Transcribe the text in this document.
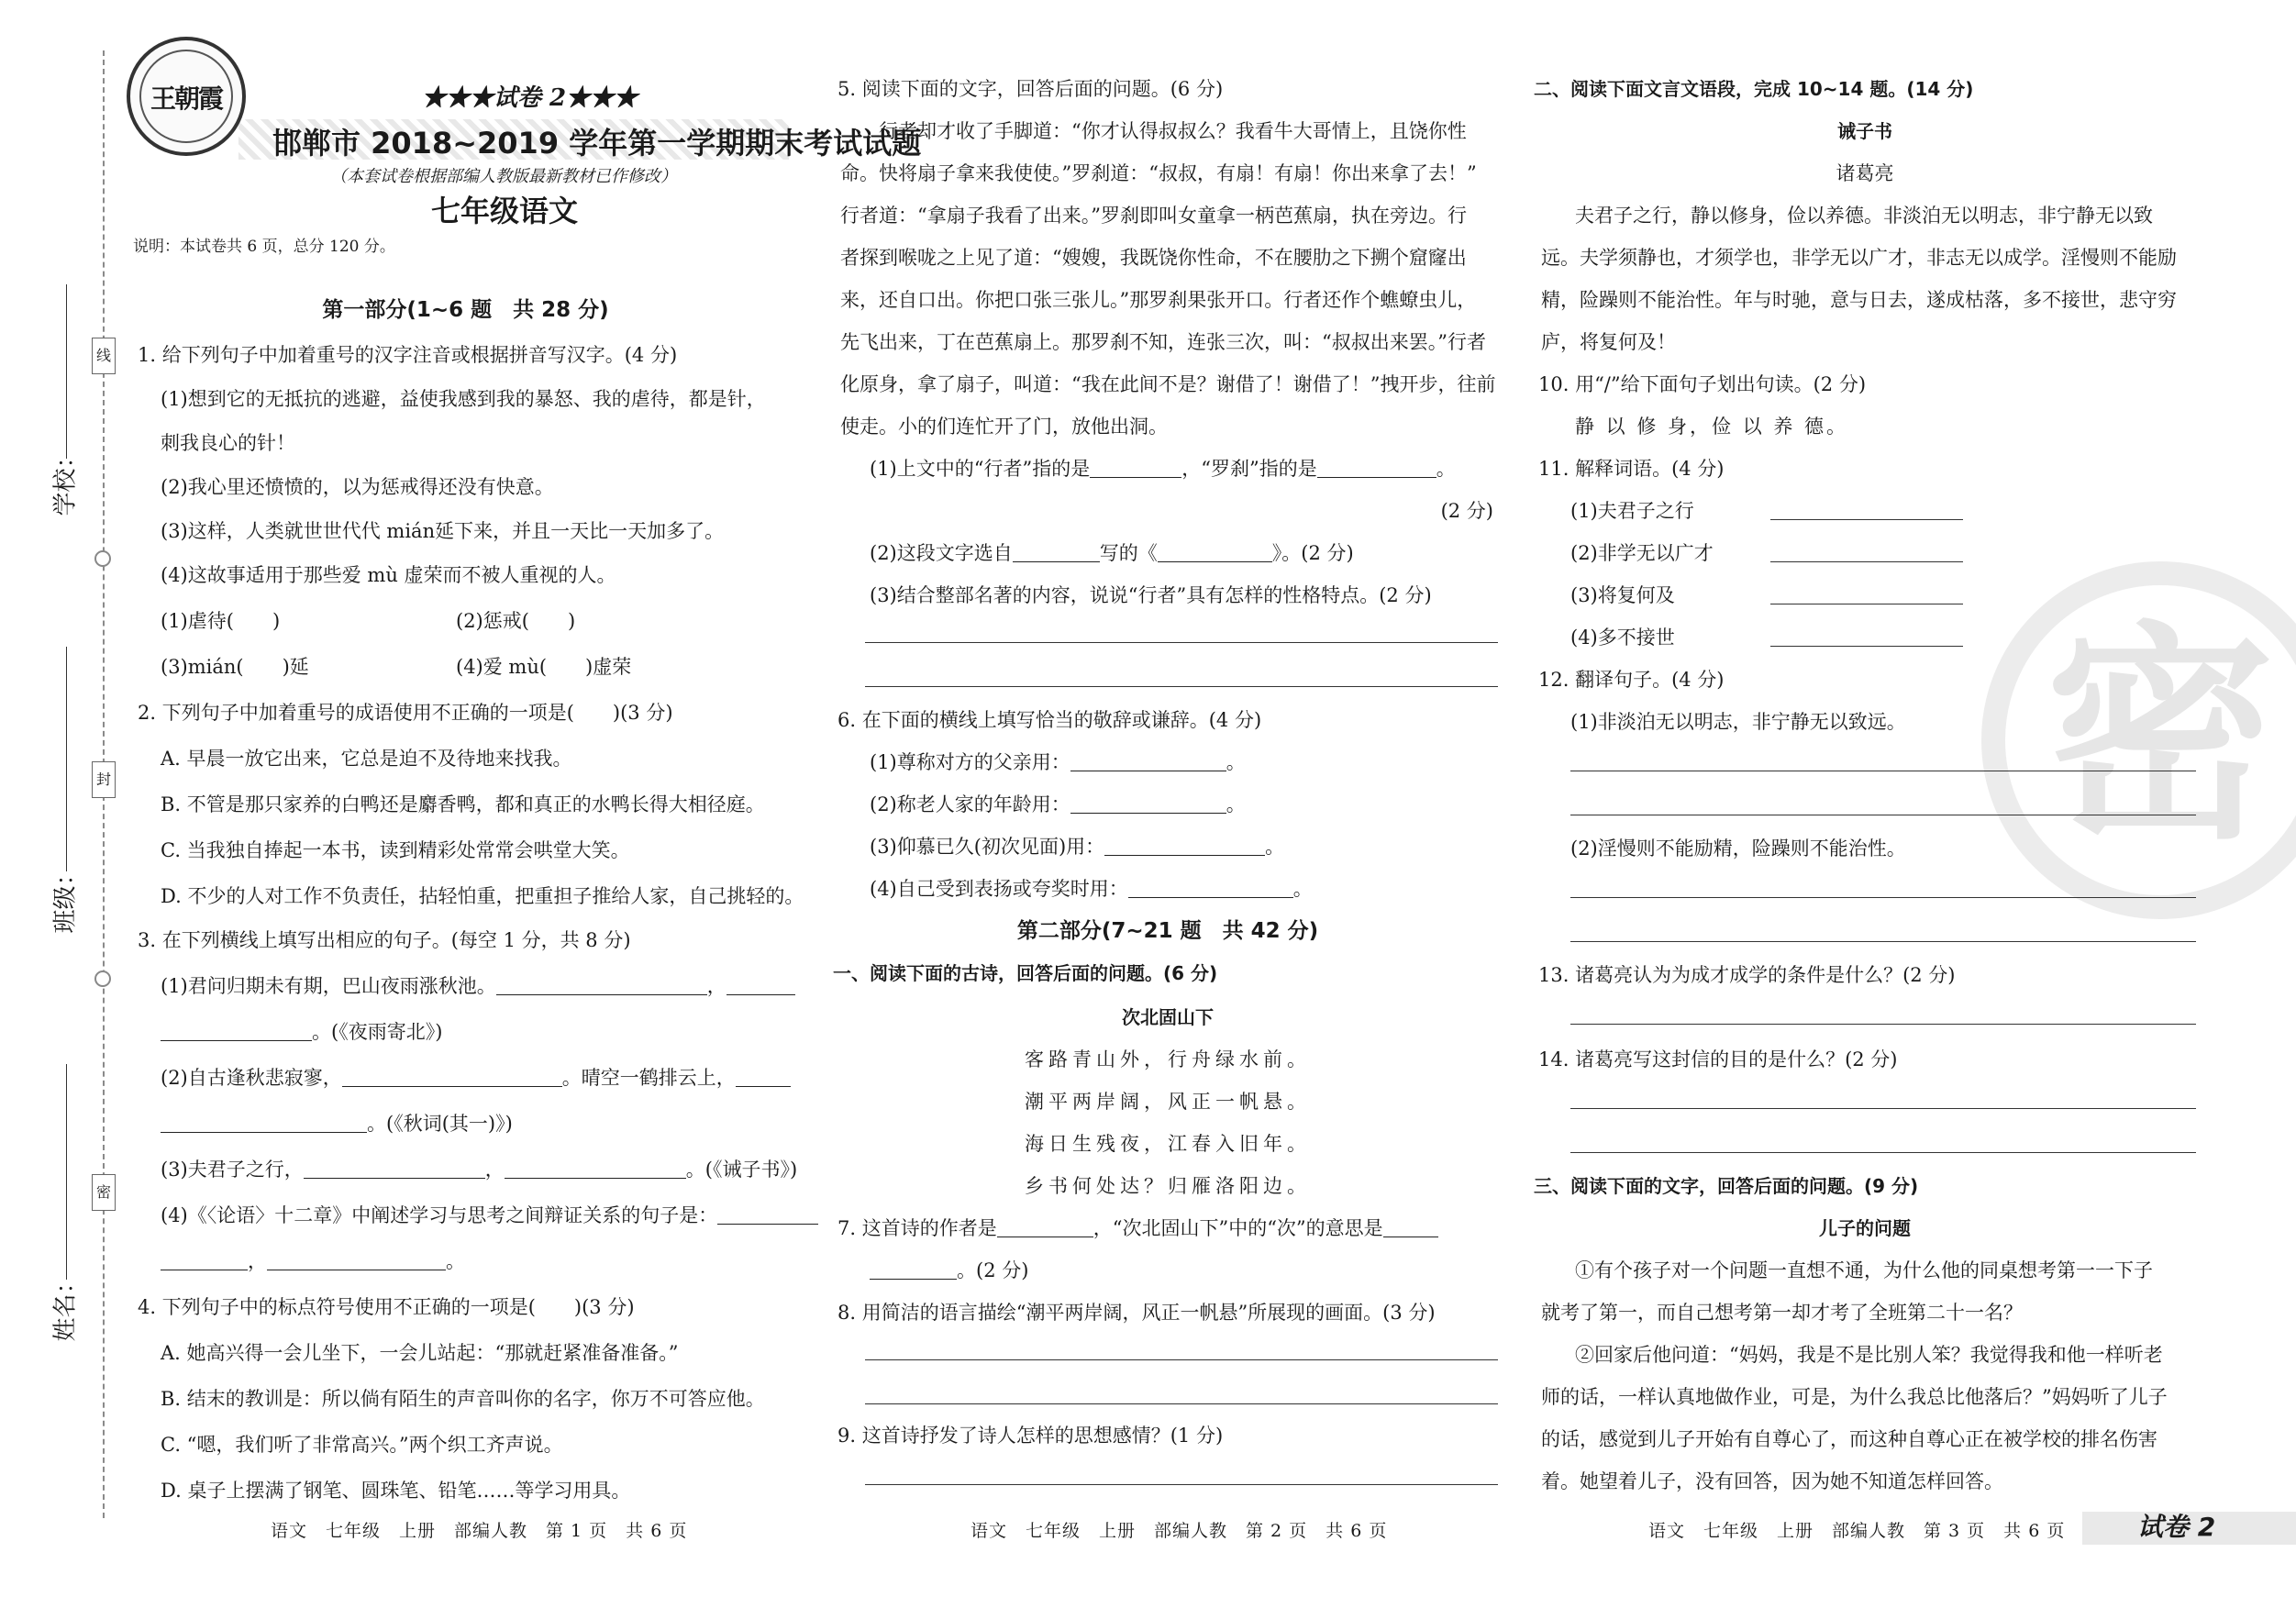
线
封
密
学校：
班级：
姓名：
密
王朝霞	★★★试卷 2★★★
邯郸市 2018~2019 学年第一学期期末考试试题
（本套试卷根据部编人教版最新教材已作修改）
七年级语文
说明：本试卷共 6 页，总分 120 分。
第一部分(1~6 题　共 28 分)
1. 给下列句子中加着重号的汉字注音或根据拼音写汉字。(4 分)
(1)想到它的无抵抗的逃避，益使我感到我的暴怒、我的虐待，都是针，
刺我良心的针！
(2)我心里还愤愤的，以为惩戒得还没有快意。
(3)这样，人类就世世代代 mián延下来，并且一天比一天加多了。
(4)这故事适用于那些爱 mù 虚荣而不被人重视的人。
(1)虐待(　　)	(2)惩戒(　　)
(3)mián(　　)延	(4)爱 mù(　　)虚荣
2. 下列句子中加着重号的成语使用不正确的一项是(　　)(3 分)
A. 早晨一放它出来，它总是迫不及待地来找我。
B. 不管是那只家养的白鸭还是麝香鸭，都和真正的水鸭长得大相径庭。
C. 当我独自捧起一本书，读到精彩处常常会哄堂大笑。
D. 不少的人对工作不负责任，拈轻怕重，把重担子推给人家，自己挑轻的。
3. 在下列横线上填写出相应的句子。(每空 1 分，共 8 分)
(1)君问归期未有期，巴山夜雨涨秋池。	，
。(《夜雨寄北》)
(2)自古逢秋悲寂寥，	。晴空一鹤排云上，
。(《秋词(其一)》)
(3)夫君子之行，	，	。(《诫子书》)
(4)《〈论语〉十二章》中阐述学习与思考之间辩证关系的句子是：
，	。
4. 下列句子中的标点符号使用不正确的一项是(　　)(3 分)
A. 她高兴得一会儿坐下，一会儿站起：“那就赶紧准备准备。”
B. 结末的教训是：所以倘有陌生的声音叫你的名字，你万不可答应他。
C. “嗯，我们听了非常高兴。”两个织工齐声说。
D. 桌子上摆满了钢笔、圆珠笔、铅笔……等学习用具。
语文　七年级　上册　部编人教　第 1 页　共 6 页
5. 阅读下面的文字，回答后面的问题。(6 分)
行者却才收了手脚道：“你才认得叔叔么？我看牛大哥情上，且饶你性
命。快将扇子拿来我使使。”罗刹道：“叔叔，有扇！有扇！你出来拿了去！”
行者道：“拿扇子我看了出来。”罗刹即叫女童拿一柄芭蕉扇，执在旁边。行
者探到喉咙之上见了道：“嫂嫂，我既饶你性命，不在腰肋之下搠个窟窿出
来，还自口出。你把口张三张儿。”那罗刹果张开口。行者还作个蟭蟟虫儿，
先飞出来，丁在芭蕉扇上。那罗刹不知，连张三次，叫：“叔叔出来罢。”行者
化原身，拿了扇子，叫道：“我在此间不是？谢借了！谢借了！”拽开步，往前
使走。小的们连忙开了门，放他出洞。
(1)上文中的“行者”指的是	，“罗刹”指的是	。
(2 分)
(2)这段文字选自	写的《	》。(2 分)
(3)结合整部名著的内容，说说“行者”具有怎样的性格特点。(2 分)
6. 在下面的横线上填写恰当的敬辞或谦辞。(4 分)
(1)尊称对方的父亲用：	。
(2)称老人家的年龄用：	。
(3)仰慕已久(初次见面)用：	。
(4)自己受到表扬或夸奖时用：	。
第二部分(7~21 题　共 42 分)
一、阅读下面的古诗，回答后面的问题。(6 分)
次北固山下
客路青山外，行舟绿水前。
潮平两岸阔，风正一帆悬。
海日生残夜，江春入旧年。
乡书何处达？归雁洛阳边。
7. 这首诗的作者是	，“次北固山下”中的“次”的意思是
。(2 分)
8. 用简洁的语言描绘“潮平两岸阔，风正一帆悬”所展现的画面。(3 分)
9. 这首诗抒发了诗人怎样的思想感情？(1 分)
语文　七年级　上册　部编人教　第 2 页　共 6 页
二、阅读下面文言文语段，完成 10~14 题。(14 分)
诫子书
诸葛亮
夫君子之行，静以修身，俭以养德。非淡泊无以明志，非宁静无以致
远。夫学须静也，才须学也，非学无以广才，非志无以成学。淫慢则不能励
精，险躁则不能治性。年与时驰，意与日去，遂成枯落，多不接世，悲守穷
庐，将复何及！
10. 用“/”给下面句子划出句读。(2 分)
静 以 修 身，俭 以 养 德。
11. 解释词语。(4 分)
(1)夫君子之行
(2)非学无以广才
(3)将复何及
(4)多不接世
12. 翻译句子。(4 分)
(1)非淡泊无以明志，非宁静无以致远。
(2)淫慢则不能励精，险躁则不能治性。
13. 诸葛亮认为为成才成学的条件是什么？(2 分)
14. 诸葛亮写这封信的目的是什么？(2 分)
三、阅读下面的文字，回答后面的问题。(9 分)
儿子的问题
①有个孩子对一个问题一直想不通，为什么他的同桌想考第一一下子
就考了第一，而自己想考第一却才考了全班第二十一名？
②回家后他问道：“妈妈，我是不是比别人笨？我觉得我和他一样听老
师的话，一样认真地做作业，可是，为什么我总比他落后？”妈妈听了儿子
的话，感觉到儿子开始有自尊心了，而这种自尊心正在被学校的排名伤害
着。她望着儿子，没有回答，因为她不知道怎样回答。
语文　七年级　上册　部编人教　第 3 页　共 6 页	试卷 2
